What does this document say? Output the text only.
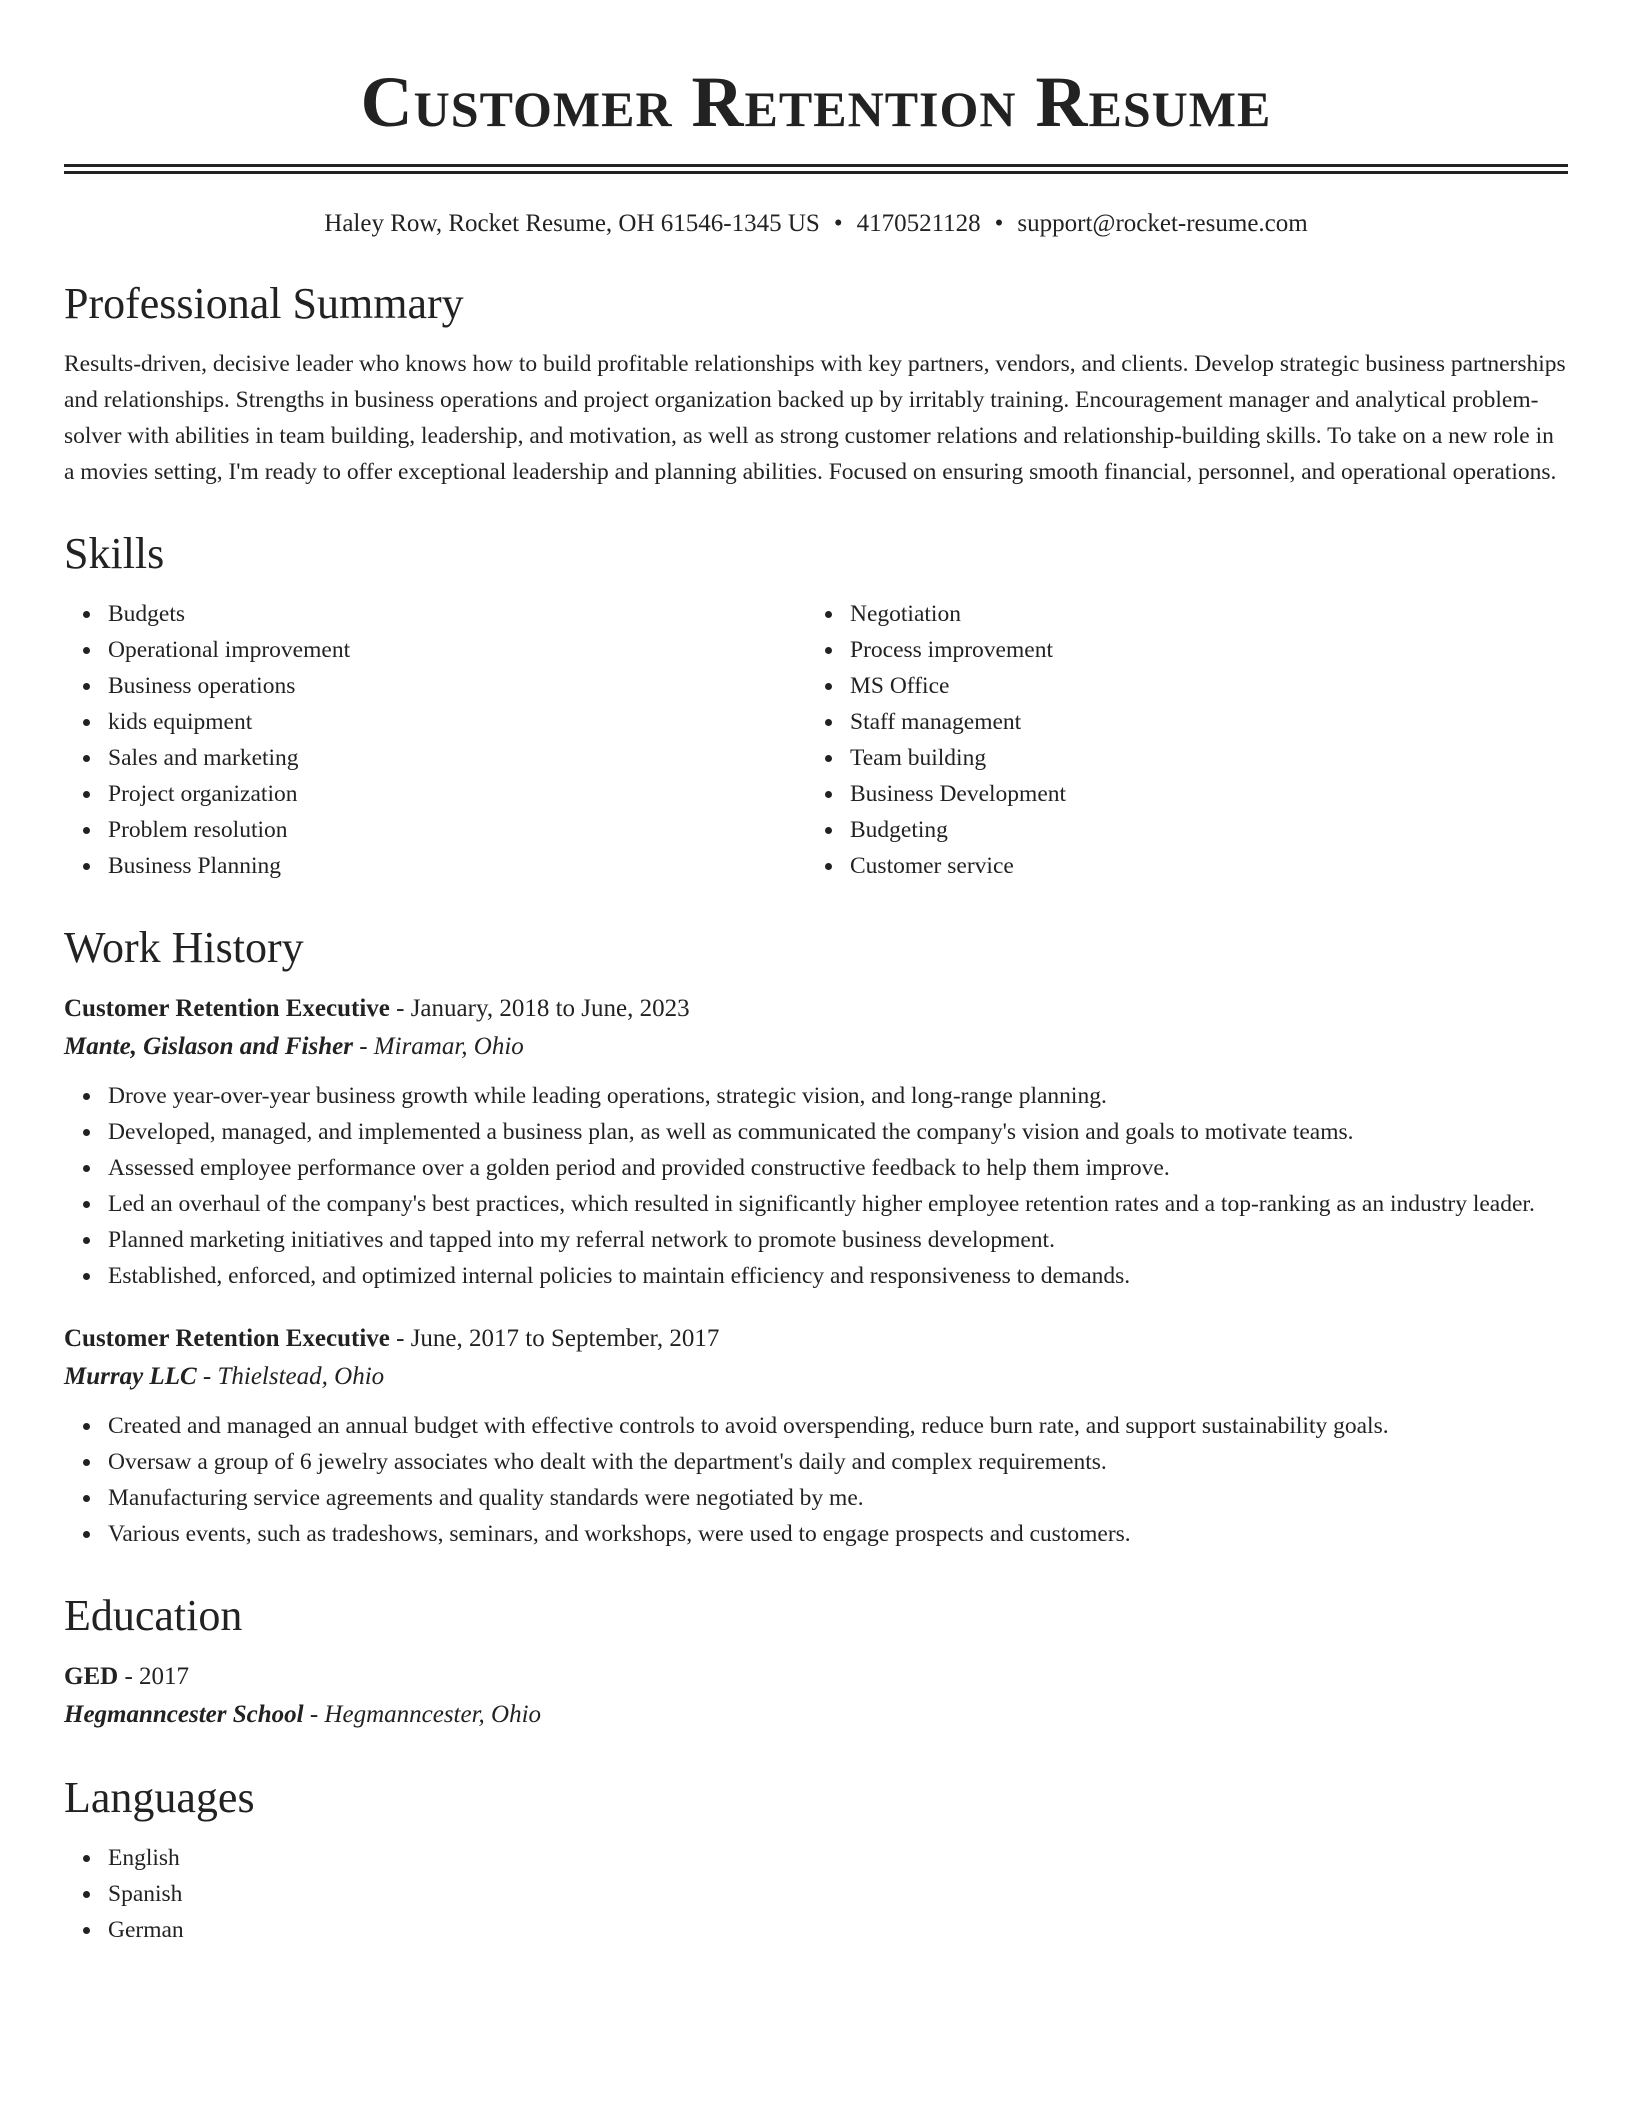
Customer Retention Resume
Haley Row, Rocket Resume, OH 61546-1345 US • 4170521128 • support@rocket-resume.com
Professional Summary

Results-driven, decisive leader who knows how to build profitable relationships with key partners, vendors, and clients. Develop strategic business partnerships and relationships. Strengths in business operations and project organization backed up by irritably training. Encouragement manager and analytical problem-solver with abilities in team building, leadership, and motivation, as well as strong customer relations and relationship-building skills. To take on a new role in a movies setting, I'm ready to offer exceptional leadership and planning abilities. Focused on ensuring smooth financial, personnel, and operational operations.

Skills
Budgets
Operational improvement
Business operations
kids equipment
Sales and marketing
Project organization
Problem resolution
Business Planning
Negotiation
Process improvement
MS Office
Staff management
Team building
Business Development
Budgeting
Customer service
Work History
Customer Retention Executive - January, 2018 to June, 2023
Mante, Gislason and Fisher - Miramar, Ohio
Drove year-over-year business growth while leading operations, strategic vision, and long-range planning.
Developed, managed, and implemented a business plan, as well as communicated the company's vision and goals to motivate teams.
Assessed employee performance over a golden period and provided constructive feedback to help them improve.
Led an overhaul of the company's best practices, which resulted in significantly higher employee retention rates and a top-ranking as an industry leader.
Planned marketing initiatives and tapped into my referral network to promote business development.
Established, enforced, and optimized internal policies to maintain efficiency and responsiveness to demands.
Customer Retention Executive - June, 2017 to September, 2017
Murray LLC - Thielstead, Ohio
Created and managed an annual budget with effective controls to avoid overspending, reduce burn rate, and support sustainability goals.
Oversaw a group of 6 jewelry associates who dealt with the department's daily and complex requirements.
Manufacturing service agreements and quality standards were negotiated by me.
Various events, such as tradeshows, seminars, and workshops, were used to engage prospects and customers.
Education
GED - 2017
Hegmanncester School - Hegmanncester, Ohio
Languages
English
Spanish
German
